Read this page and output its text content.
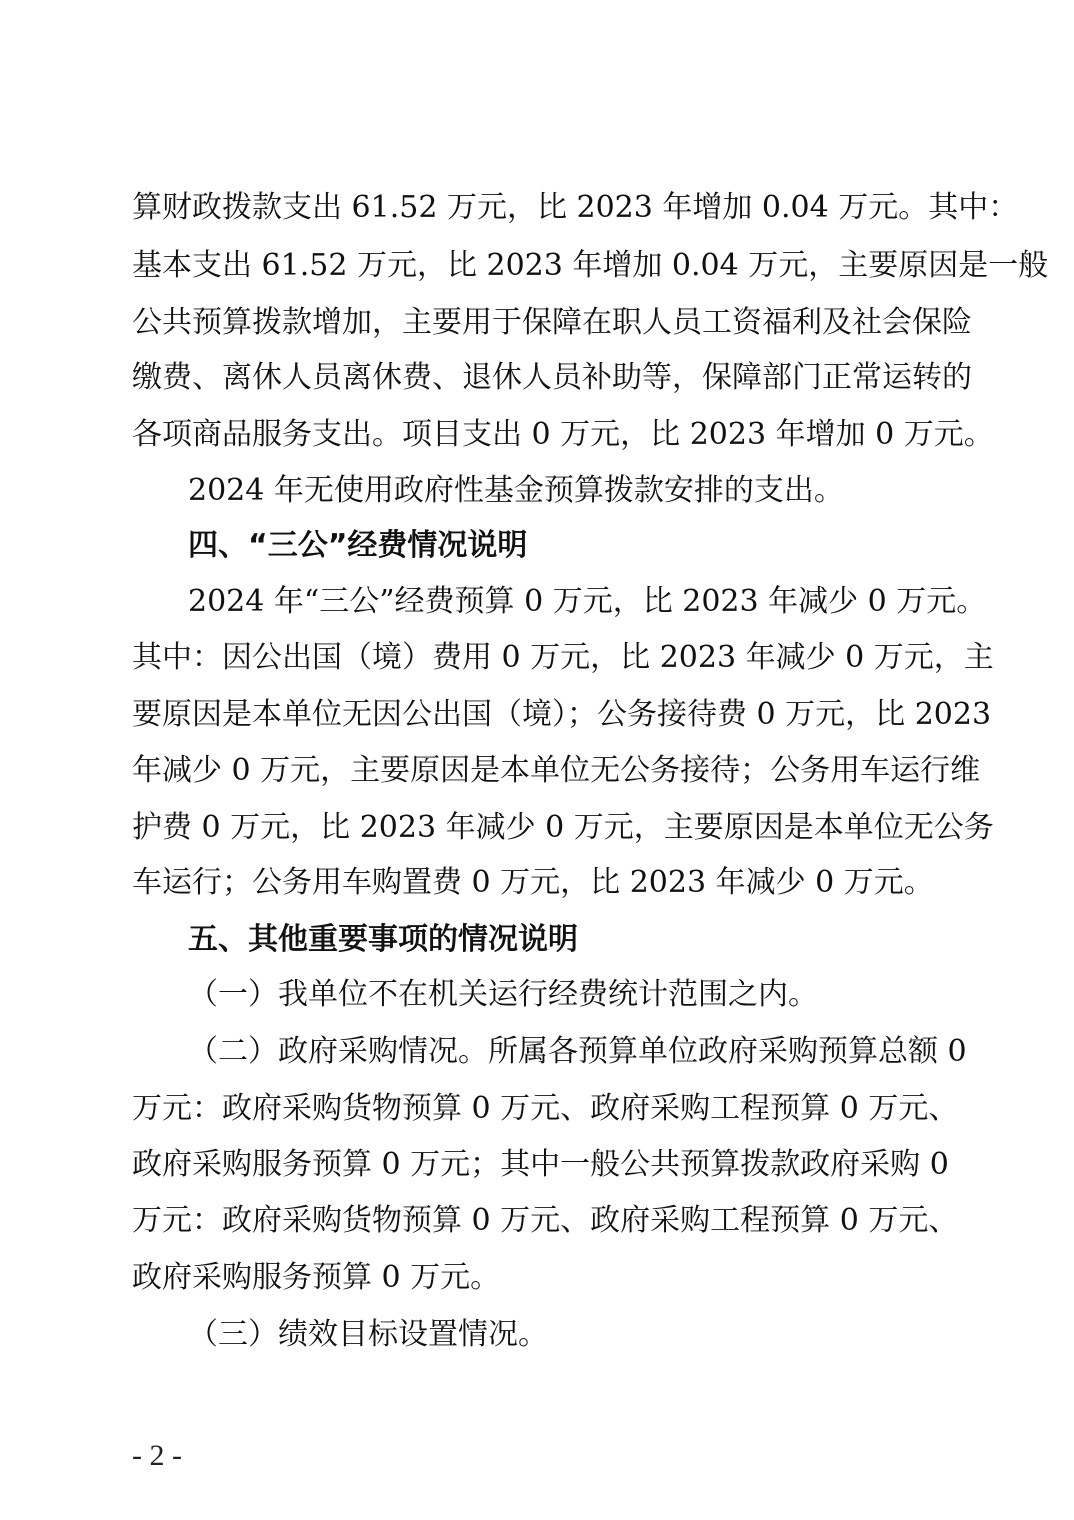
算财政拨款支出 61.52 万元，比 2023 年增加 0.04 万元。其中：
基本支出 61.52 万元，比 2023 年增加 0.04 万元，主要原因是一般
公共预算拨款增加，主要用于保障在职人员工资福利及社会保险
缴费、离休人员离休费、退休人员补助等，保障部门正常运转的
各项商品服务支出。项目支出 0 万元，比 2023 年增加 0 万元。
2024 年无使用政府性基金预算拨款安排的支出。
四、“三公”经费情况说明
2024 年“三公”经费预算 0 万元，比 2023 年减少 0 万元。
其中：因公出国（境）费用 0 万元，比 2023 年减少 0 万元，主
要原因是本单位无因公出国（境）；公务接待费 0 万元，比 2023
年减少 0 万元，主要原因是本单位无公务接待；公务用车运行维
护费 0 万元，比 2023 年减少 0 万元，主要原因是本单位无公务
车运行；公务用车购置费 0 万元，比 2023 年减少 0 万元。
五、其他重要事项的情况说明
（一）我单位不在机关运行经费统计范围之内。
（二）政府采购情况。所属各预算单位政府采购预算总额 0
万元：政府采购货物预算 0 万元、政府采购工程预算 0 万元、
政府采购服务预算 0 万元；其中一般公共预算拨款政府采购 0
万元：政府采购货物预算 0 万元、政府采购工程预算 0 万元、
政府采购服务预算 0 万元。
（三）绩效目标设置情况。
- 2 -
